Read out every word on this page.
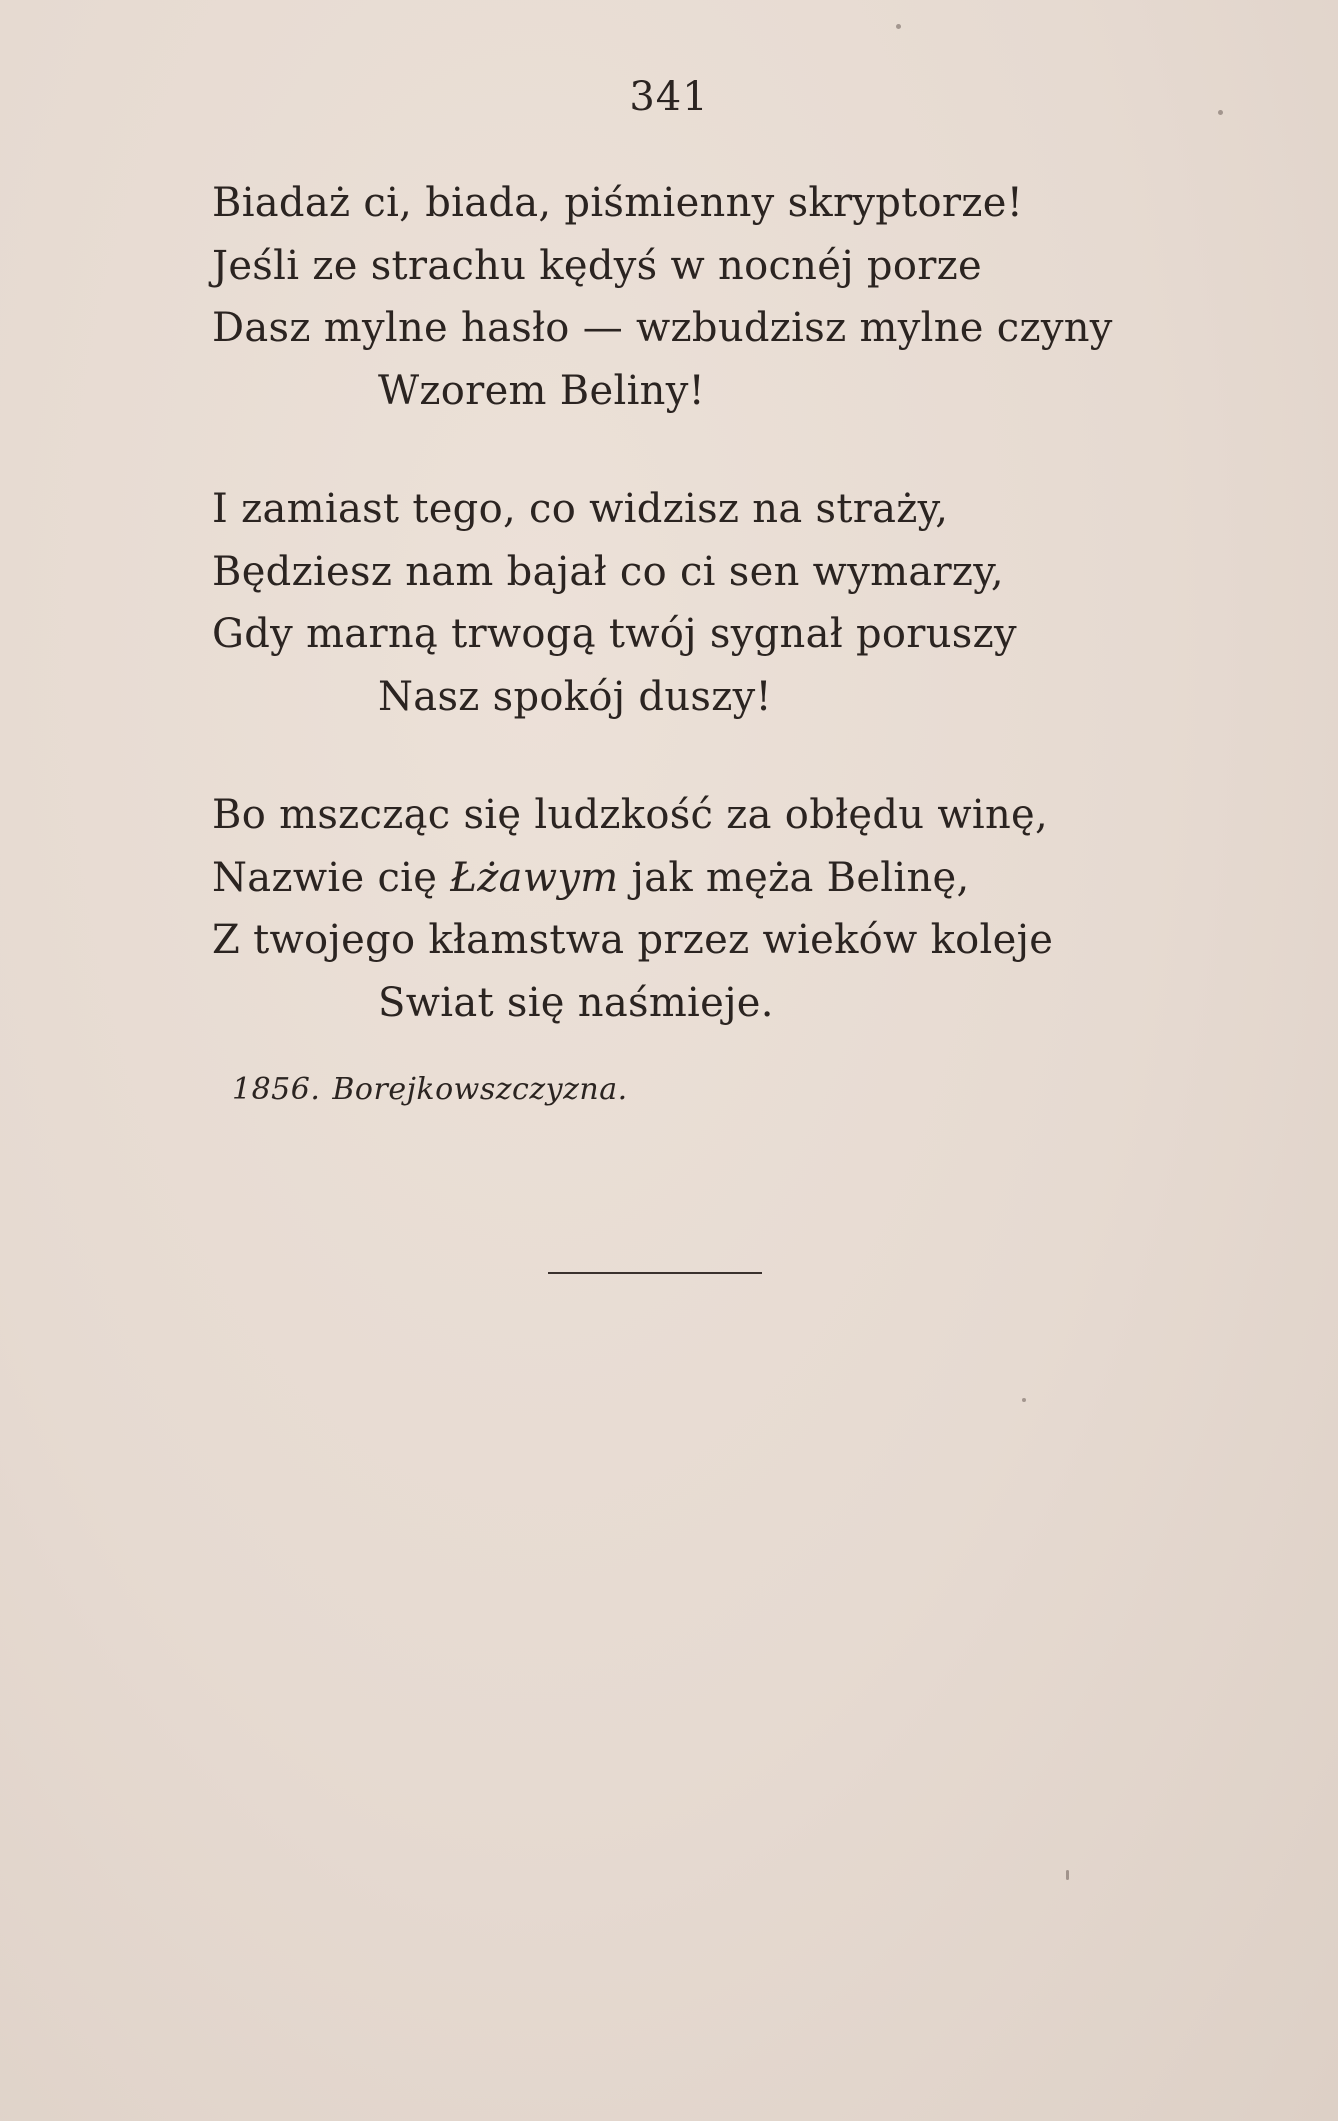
341
Biadaż ci, biada, piśmienny skryptorze!
Jeśli ze strachu kędyś w nocnéj porze
Dasz mylne hasło — wzbudzisz mylne czyny
Wzorem Beliny!
I zamiast tego, co widzisz na straży,
Będziesz nam bajał co ci sen wymarzy,
Gdy marną trwogą twój sygnał poruszy
Nasz spokój duszy!
Bo mszcząc się ludzkość za obłędu winę,
Nazwie cię Łżawym jak męża Belinę,
Z twojego kłamstwa przez wieków koleje
Swiat się naśmieje.
1856. Borejkowszczyzna.
